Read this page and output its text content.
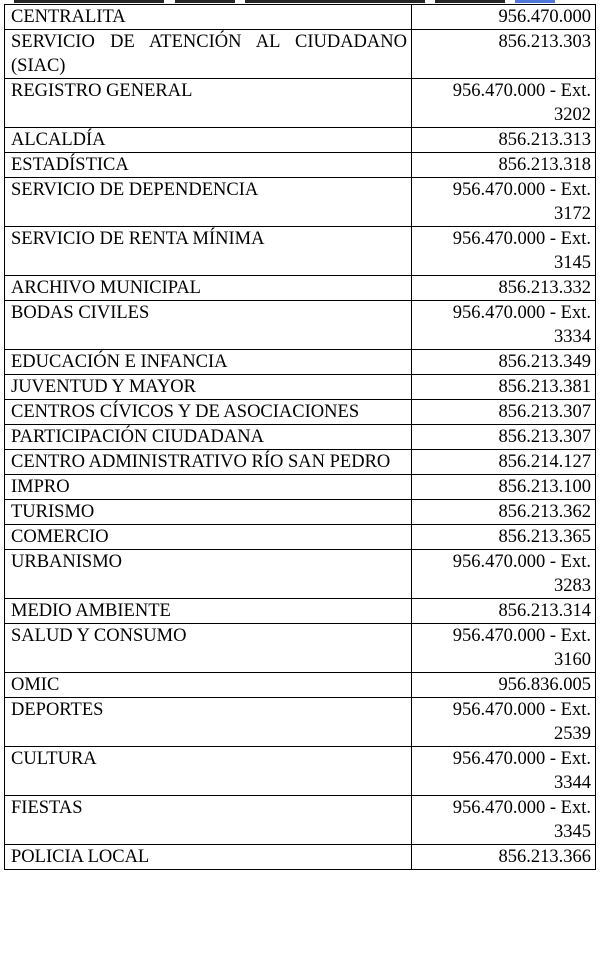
CENTRALITA	956.470.000
SERVICIO DE ATENCIÓN AL CIUDADANO (SIAC)	856.213.303
REGISTRO GENERAL	956.470.000 - Ext. 3202
ALCALDÍA	856.213.313
ESTADÍSTICA	856.213.318
SERVICIO DE DEPENDENCIA	956.470.000 - Ext. 3172
SERVICIO DE RENTA MÍNIMA	956.470.000 - Ext. 3145
ARCHIVO MUNICIPAL	856.213.332
BODAS CIVILES	956.470.000 - Ext. 3334
EDUCACIÓN E INFANCIA	856.213.349
JUVENTUD Y MAYOR	856.213.381
CENTROS CÍVICOS Y DE ASOCIACIONES	856.213.307
PARTICIPACIÓN CIUDADANA	856.213.307
CENTRO ADMINISTRATIVO RÍO SAN PEDRO	856.214.127
IMPRO	856.213.100
TURISMO	856.213.362
COMERCIO	856.213.365
URBANISMO	956.470.000 - Ext. 3283
MEDIO AMBIENTE	856.213.314
SALUD Y CONSUMO	956.470.000 - Ext. 3160
OMIC	956.836.005
DEPORTES	956.470.000 - Ext. 2539
CULTURA	956.470.000 - Ext. 3344
FIESTAS	956.470.000 - Ext. 3345
POLICIA LOCAL	856.213.366
